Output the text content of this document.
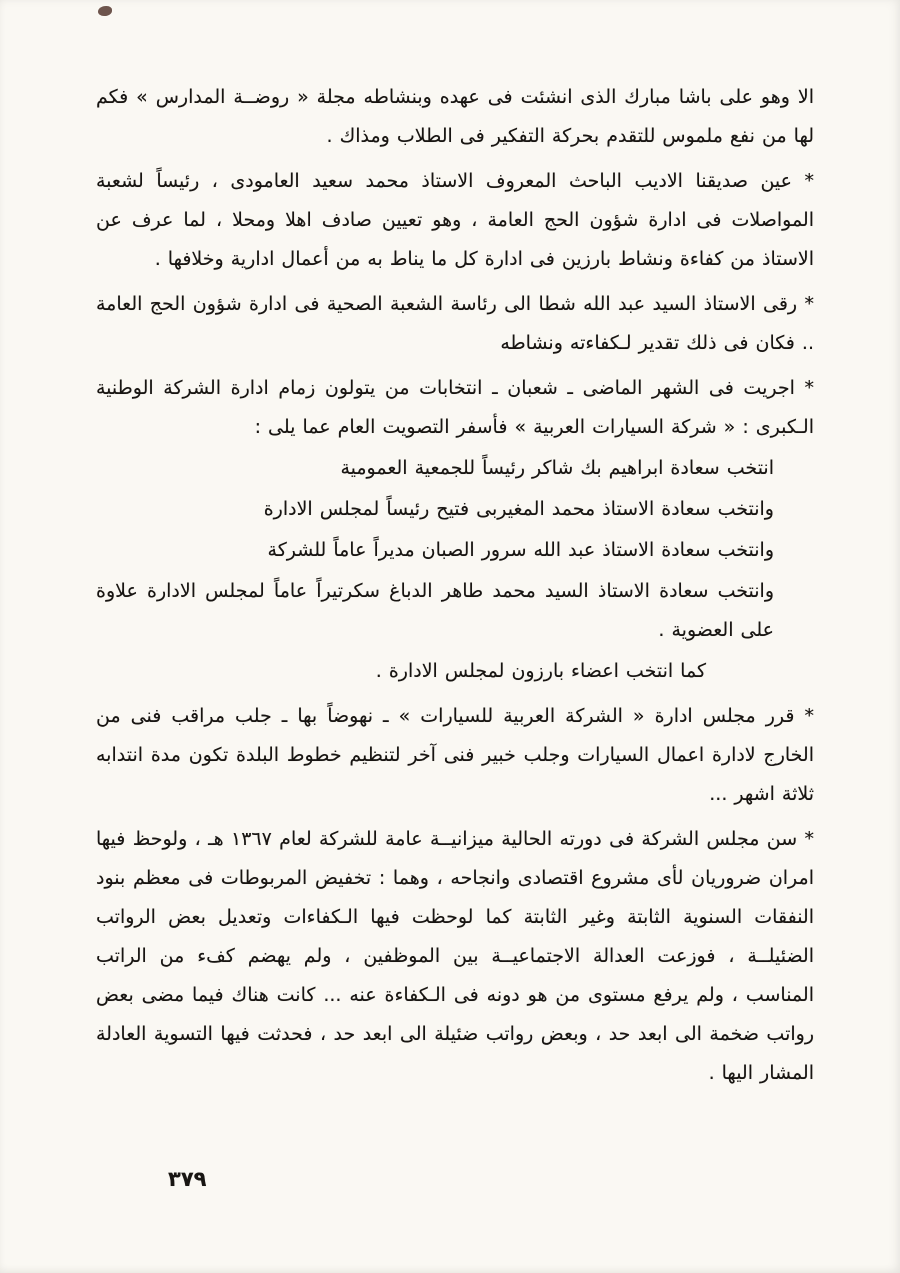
الا وهو على باشا مبارك الذى انشئت فى عهده وبنشاطه مجلة « روضــة المدارس » فكم لها من نفع ملموس للتقدم بحركة التفكير فى الطلاب ومذاك .

* عين صديقنا الاديب الباحث المعروف الاستاذ محمد سعيد العامودى ، رئيساً لشعبة المواصلات فى ادارة شؤون الحج العامة ، وهو تعيين صادف اهلا ومحلا ، لما عرف عن الاستاذ من كفاءة ونشاط بارزين فى ادارة كل ما يناط به من أعمال ادارية وخلافها .

* رقى الاستاذ السيد عبد الله شطا الى رئاسة الشعبة الصحية فى ادارة شؤون الحج العامة .. فكان فى ذلك تقدير لـكفاءته ونشاطه

* اجريت فى الشهر الماضى ـ شعبان ـ انتخابات من يتولون زمام ادارة الشركة الوطنية الـكبرى : « شركة السيارات العربية » فأسفر التصويت العام عما يلى :

انتخب سعادة ابراهيم بك شاكر رئيساً للجمعية العمومية

وانتخب سعادة الاستاذ محمد المغيربى فتيح رئيساً لمجلس الادارة

وانتخب سعادة الاستاذ عبد الله سرور الصبان مديراً عاماً للشركة

وانتخب سعادة الاستاذ السيد محمد طاهر الدباغ سكرتيراً عاماً لمجلس الادارة علاوة على العضوية .

كما انتخب اعضاء بارزون لمجلس الادارة .

* قرر مجلس ادارة « الشركة العربية للسيارات » ـ نهوضاً بها ـ جلب مراقب فنى من الخارج لادارة اعمال السيارات وجلب خبير فنى آخر لتنظيم خطوط البلدة تكون مدة انتدابه ثلاثة اشهر ...

* سن مجلس الشركة فى دورته الحالية ميزانيــة عامة للشركة لعام ١٣٦٧ هـ ، ولوحظ فيها امران ضروريان لأى مشروع اقتصادى وانجاحه ، وهما : تخفيض المربوطات فى معظم بنود النفقات السنوية الثابتة وغير الثابتة كما لوحظت فيها الـكفاءات وتعديل بعض الرواتب الضئيلــة ، فوزعت العدالة الاجتماعيــة بين الموظفين ، ولم يهضم كفء من الراتب المناسب ، ولم يرفع مستوى من هو دونه فى الـكفاءة عنه ... كانت هناك فيما مضى بعض رواتب ضخمة الى ابعد حد ، وبعض رواتب ضئيلة الى ابعد حد ، فحدثت فيها التسوية العادلة المشار اليها .

٣٧٩
